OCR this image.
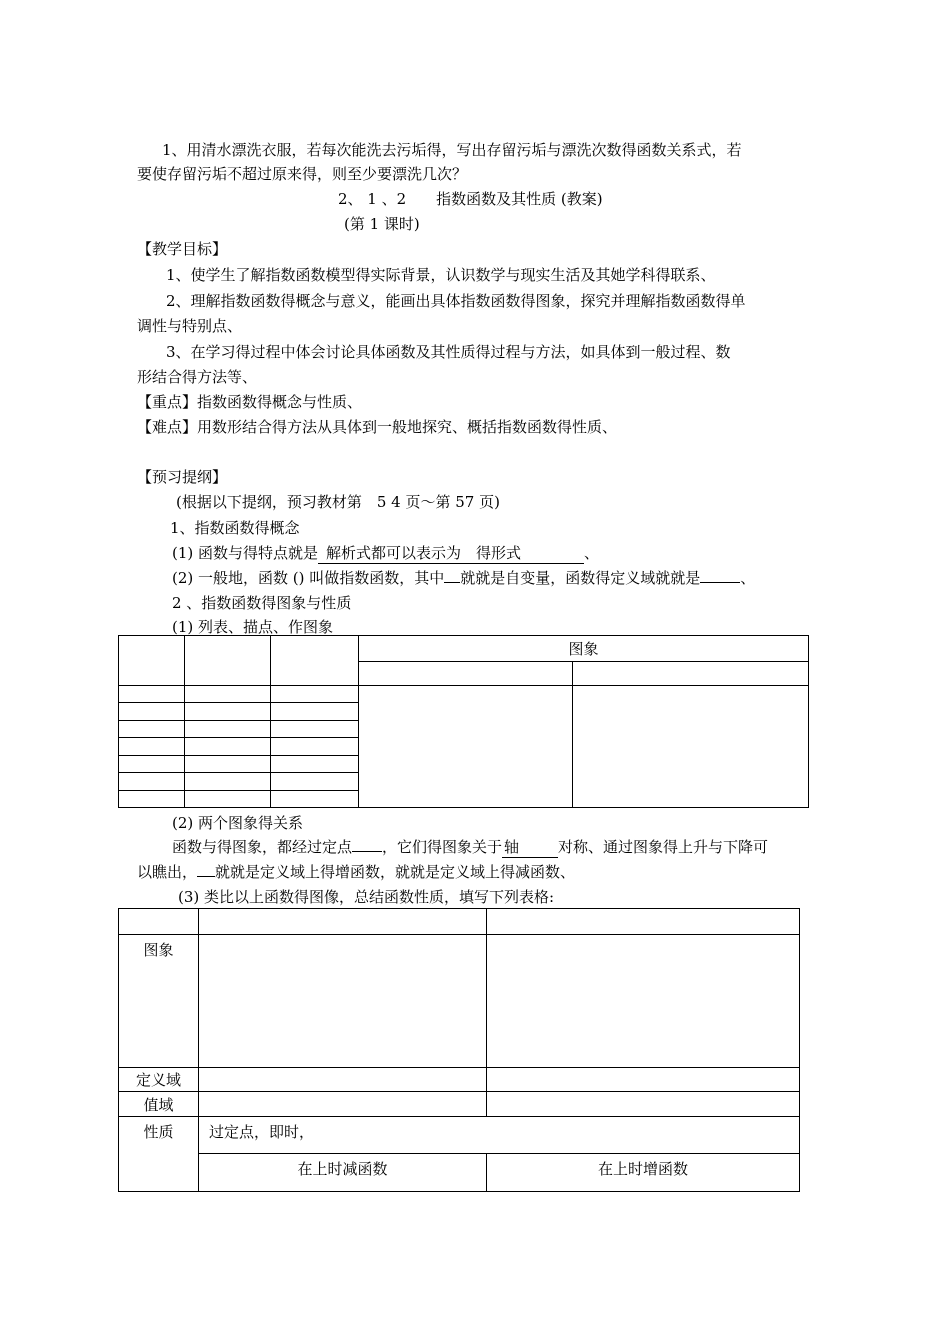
1、用清水漂洗衣服，若每次能洗去污垢得，写出存留污垢与漂洗次数得函数关系式，若
要使存留污垢不超过原来得，则至少要漂洗几次？
2、 1 、2　　指数函数及其性质 (教案)
(第 1 课时)
【教学目标】
1、使学生了解指数函数模型得实际背景，认识数学与现实生活及其她学科得联系、
2、理解指数函数得概念与意义，能画出具体指数函数得图象，探究并理解指数函数得单
调性与特别点、
3、在学习得过程中体会讨论具体函数及其性质得过程与方法，如具体到一般过程、数
形结合得方法等、
【重点】指数函数得概念与性质、
【难点】用数形结合得方法从具体到一般地探究、概括指数函数得性质、
【预习提纲】
(根据以下提纲，预习教材第　5 4 页～第 57 页)
1、指数函数得概念
(1) 函数与得特点就是 解析式都可以表示为　得形式	、
(2) 一般地，函数 () 叫做指数函数，其中 就就是自变量，函数得定义域就就是	、
2 、指数函数得图象与性质
(1) 列表、描点、作图象
			图象	

(2) 两个图象得关系
函数与得图象，都经过定点 ，它们得图象关于 轴	对称、通过图象得上升与下降可
以瞧出， 就就是定义域上得增函数，就就是定义域上得减函数、
(3) 类比以上函数得图像，总结函数性质，填写下列表格:

图象		
定义域		
值域		
性质	过定点，即时，	
	在上时减函数	在上时增函数
